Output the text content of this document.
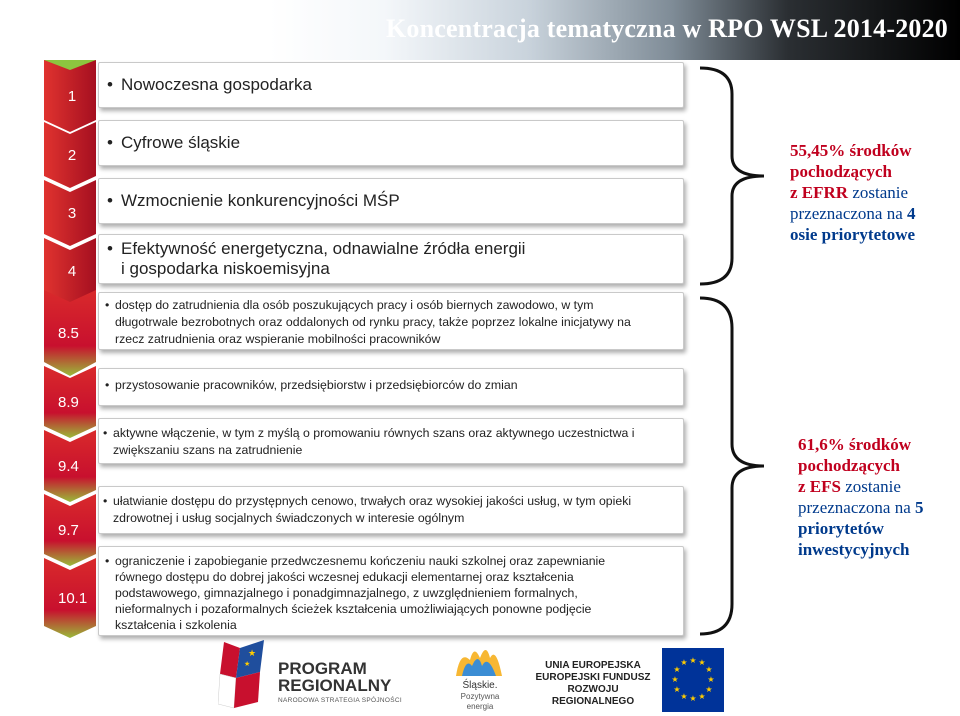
Koncentracja tematyczna w RPO WSL 2014-2020
1
2
3
4
8.5
8.9
9.4
9.7
10.1
• Nowoczesna gospodarka
• Cyfrowe śląskie
• Wzmocnienie konkurencyjności MŚP
• Efektywność energetyczna, odnawialne źródła energii
i gospodarka niskoemisyjna
• dostęp do zatrudnienia dla osób poszukujących pracy i osób biernych zawodowo, w tym
długotrwale bezrobotnych oraz oddalonych od rynku pracy, także poprzez lokalne inicjatywy na
rzecz zatrudnienia oraz wspieranie mobilności pracowników
• przystosowanie pracowników, przedsiębiorstw i przedsiębiorców do zmian
• aktywne włączenie, w tym z myślą o promowaniu równych szans oraz aktywnego uczestnictwa i
zwiększaniu szans na zatrudnienie
• ułatwianie dostępu do przystępnych cenowo, trwałych oraz wysokiej jakości usług, w tym opieki
zdrowotnej i usług socjalnych świadczonych w interesie ogólnym
• ograniczenie i zapobieganie przedwczesnemu kończeniu nauki szkolnej oraz zapewnianie
równego dostępu do dobrej jakości wczesnej edukacji elementarnej oraz kształcenia
podstawowego, gimnazjalnego i ponadgimnazjalnego, z uwzględnieniem formalnych,
nieformalnych i pozaformalnych ścieżek kształcenia umożliwiających ponowne podjęcie
kształcenia i szkolenia
55,45% środków
pochodzących
z EFRR zostanie
przeznaczona na 4
osie priorytetowe
61,6% środków
pochodzących
z EFS zostanie
przeznaczona na 5
priorytetów
inwestycyjnych
★
★ PROGRAM
REGIONALNY
NARODOWA STRATEGIA SPÓJNOŚCI
Śląskie.
Pozytywna energia
UNIA EUROPEJSKA
EUROPEJSKI FUNDUSZ
ROZWOJU REGIONALNEGO
★ ★
★
★
★
★
★
★
★
★
★
★
